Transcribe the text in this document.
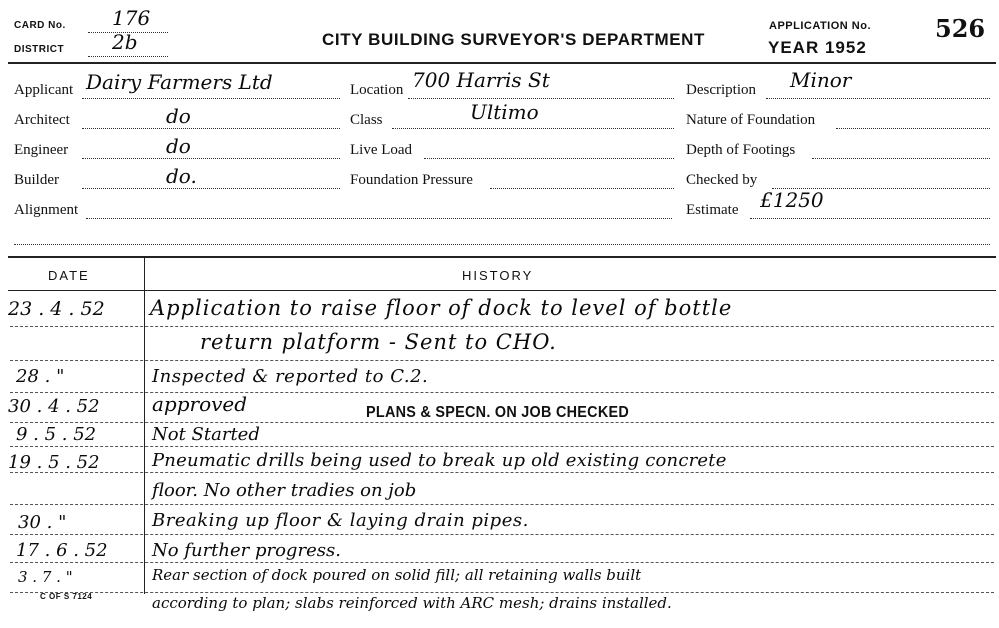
CARD No. 176
DISTRICT 2b	CITY BUILDING SURVEYOR'S DEPARTMENT
APPLICATION No.	526
YEAR 1952
Applicant Dairy Farmers Ltd
Architect	do
Engineer	do
Builder	do.
Alignment
Location 700 Harris St
Class	Ultimo
Live Load
Foundation Pressure
Description Minor
Nature of Foundation
Depth of Footings
Checked by
Estimate £1250
DATE	HISTORY
23 . 4 . 52 Application to raise floor of dock to level of bottle
return platform - Sent to CHO.
28 . "	Inspected & reported to C.2.
30 . 4 . 52	approved	PLANS & SPECN. ON JOB CHECKED
9 . 5 . 52	Not Started
19 . 5 . 52	Pneumatic drills being used to break up old existing concrete
floor. No other tradies on job
30 . "	Breaking up floor & laying drain pipes.
17 . 6 . 52 No further progress.
3 . 7 . "	Rear section of dock poured on solid fill; all retaining walls built
according to plan; slabs reinforced with ARC mesh; drains installed.
C OF S 7124
